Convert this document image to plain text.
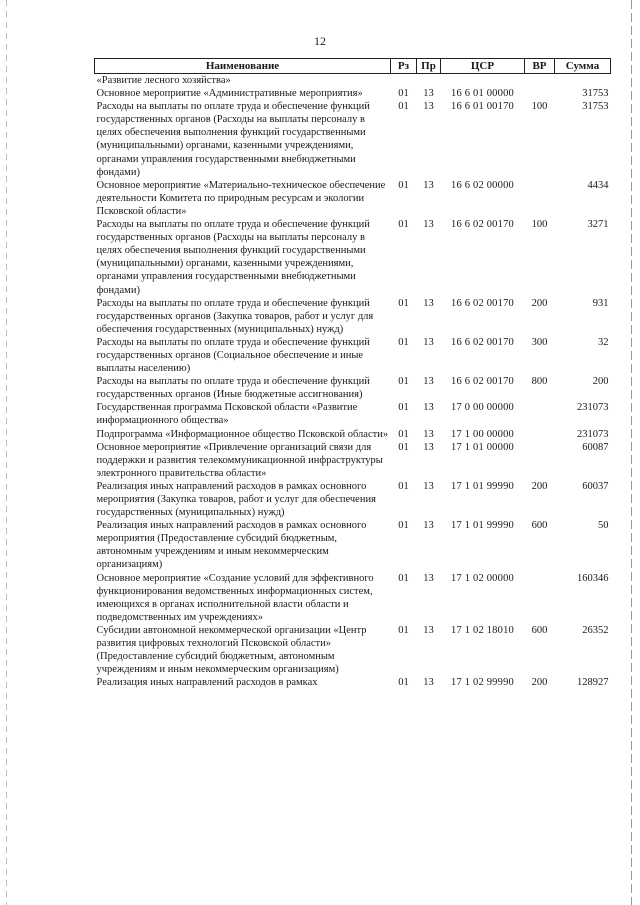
12
Наименование	Рз	Пр	ЦСР	ВР	Сумма
«Развитие лесного хозяйства»					
Основное мероприятие «Административные мероприятия»	01	13	16 6 01 00000		31753
Расходы на выплаты по оплате труда и обеспечение функций государственных органов (Расходы на выплаты персоналу в целях обеспечения выполнения функций государственными (муниципальными) органами, казенными учреждениями, органами управления государственными внебюджетными фондами)	01	13	16 6 01 00170	100	31753
Основное мероприятие «Материально-техническое обеспечение деятельности Комитета по природным ресурсам и экологии Псковской области»	01	13	16 6 02 00000		4434
Расходы на выплаты по оплате труда и обеспечение функций государственных органов (Расходы на выплаты персоналу в целях обеспечения выполнения функций государственными (муниципальными) органами, казенными учреждениями, органами управления государственными внебюджетными фондами)	01	13	16 6 02 00170	100	3271
Расходы на выплаты по оплате труда и обеспечение функций государственных органов (Закупка товаров, работ и услуг для обеспечения государственных (муниципальных) нужд)	01	13	16 6 02 00170	200	931
Расходы на выплаты по оплате труда и обеспечение функций государственных органов (Социальное обеспечение и иные выплаты населению)	01	13	16 6 02 00170	300	32
Расходы на выплаты по оплате труда и обеспечение функций государственных органов (Иные бюджетные ассигнования)	01	13	16 6 02 00170	800	200
Государственная программа Псковской области «Развитие информационного общества»	01	13	17 0 00 00000		231073
Подпрограмма «Информационное общество Псковской области»	01	13	17 1 00 00000		231073
Основное мероприятие «Привлечение организаций связи для поддержки и развития телекоммуникационной инфраструктуры электронного правительства области»	01	13	17 1 01 00000		60087
Реализация иных направлений расходов в рамках основного мероприятия (Закупка товаров, работ и услуг для обеспечения государственных (муниципальных) нужд)	01	13	17 1 01 99990	200	60037
Реализация иных направлений расходов в рамках основного мероприятия (Предоставление субсидий бюджетным, автономным учреждениям и иным некоммерческим организациям)	01	13	17 1 01 99990	600	50
Основное мероприятие «Создание условий для эффективного функционирования ведомственных информационных систем, имеющихся в органах исполнительной власти области и подведомственных им учреждениях»	01	13	17 1 02 00000		160346
Субсидии автономной некоммерческой организации «Центр развития цифровых технологий Псковской области» (Предоставление субсидий бюджетным, автономным учреждениям и иным некоммерческим организациям)	01	13	17 1 02 18010	600	26352
Реализация иных направлений расходов в рамках	01	13	17 1 02 99990	200	128927
